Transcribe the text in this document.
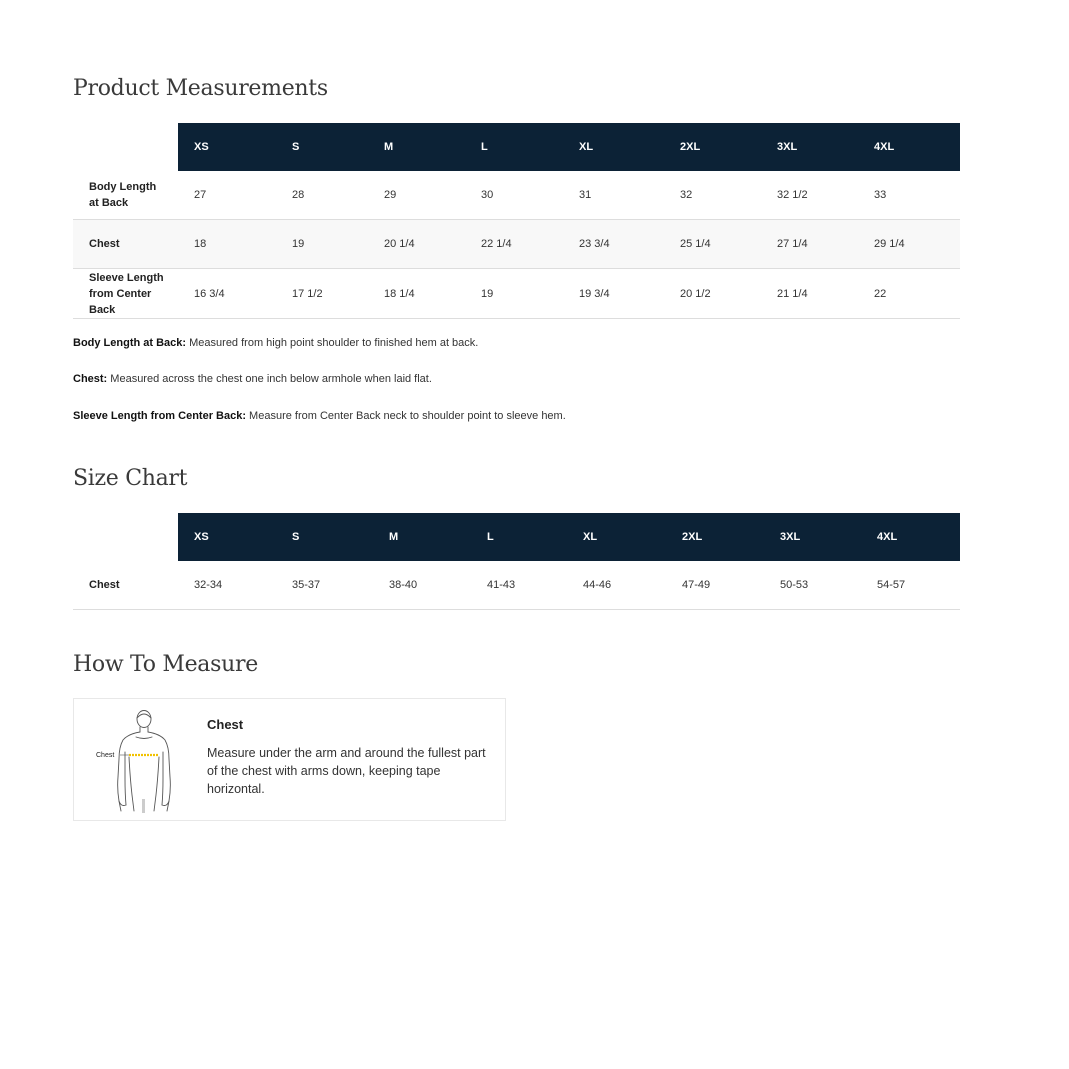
Product Measurements
	XS	S	M	L	XL	2XL	3XL	4XL
Body Length at Back	27	28	29	30	31	32	32 1/2	33
Chest	18	19	20 1/4	22 1/4	23 3/4	25 1/4	27 1/4	29 1/4
Sleeve Length from Center Back	16 3/4	17 1/2	18 1/4	19	19 3/4	20 1/2	21 1/4	22

Body Length at Back: Measured from high point shoulder to finished hem at back.

Chest: Measured across the chest one inch below armhole when laid flat.

Sleeve Length from Center Back: Measure from Center Back neck to shoulder point to sleeve hem.

Size Chart
	XS	S	M	L	XL	2XL	3XL	4XL
Chest	32-34	35-37	38-40	41-43	44-46	47-49	50-53	54-57
How To Measure
Chest

Chest

Measure under the arm and around the fullest part of the chest with arms down, keeping tape horizontal.
